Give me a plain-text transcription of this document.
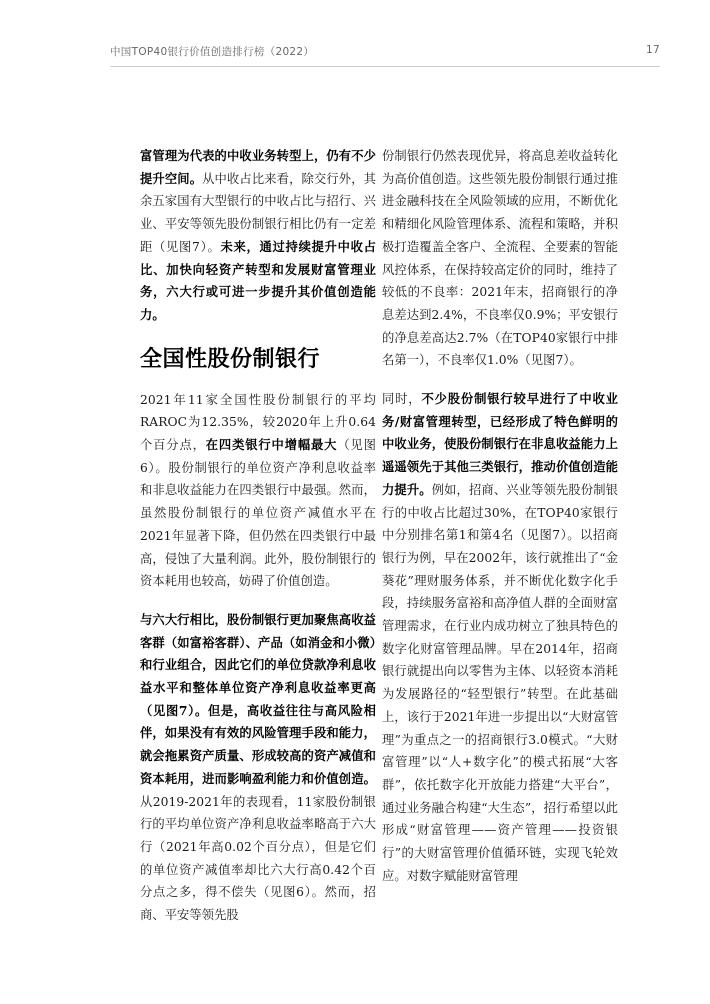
中国TOP40银行价值创造排行榜（2022）	17

富管理为代表的中收业务转型上，仍有不少提升空间。从中收占比来看，除交行外，其余五家国有大型银行的中收占比与招行、兴业、平安等领先股份制银行相比仍有一定差距（见图7）。未来，通过持续提升中收占比、加快向轻资产转型和发展财富管理业务，六大行或可进一步提升其价值创造能力。

全国性股份制银行

2021年11家全国性股份制银行的平均RAROC为12.35%，较2020年上升0.64个百分点，在四类银行中增幅最大（见图6）。股份制银行的单位资产净利息收益率和非息收益能力在四类银行中最强。然而，虽然股份制银行的单位资产减值水平在2021年显著下降，但仍然在四类银行中最高，侵蚀了大量利润。此外，股份制银行的资本耗用也较高，妨碍了价值创造。

与六大行相比，股份制银行更加聚焦高收益客群（如富裕客群）、产品（如消金和小微）和行业组合，因此它们的单位贷款净利息收益水平和整体单位资产净利息收益率更高（见图7）。但是，高收益往往与高风险相伴，如果没有有效的风险管理手段和能力，就会拖累资产质量、形成较高的资产减值和资本耗用，进而影响盈利能力和价值创造。从2019-2021年的表现看，11家股份制银行的平均单位资产净利息收益率略高于六大行（2021年高0.02个百分点），但是它们的单位资产减值率却比六大行高0.42个百分点之多，得不偿失（见图6）。然而，招商、平安等领先股

份制银行仍然表现优异，将高息差收益转化为高价值创造。这些领先股份制银行通过推进金融科技在全风险领域的应用，不断优化和精细化风险管理体系、流程和策略，并积极打造覆盖全客户、全流程、全要素的智能风控体系，在保持较高定价的同时，维持了较低的不良率：2021年末，招商银行的净息差达到2.4%，不良率仅0.9%；平安银行的净息差高达2.7%（在TOP40家银行中排名第一），不良率仅1.0%（见图7）。

同时，不少股份制银行较早进行了中收业务/财富管理转型，已经形成了特色鲜明的中收业务，使股份制银行在非息收益能力上遥遥领先于其他三类银行，推动价值创造能力提升。例如，招商、兴业等领先股份制银行的中收占比超过30%，在TOP40家银行中分别排名第1和第4名（见图7）。以招商银行为例，早在2002年，该行就推出了“金葵花”理财服务体系，并不断优化数字化手段，持续服务富裕和高净值人群的全面财富管理需求，在行业内成功树立了独具特色的数字化财富管理品牌。早在2014年，招商银行就提出向以零售为主体、以轻资本消耗为发展路径的“轻型银行”转型。在此基础上，该行于2021年进一步提出以“大财富管理”为重点之一的招商银行3.0模式。“大财富管理”以“人+数字化”的模式拓展“大客群”，依托数字化开放能力搭建“大平台”，通过业务融合构建“大生态”，招行希望以此形成“财富管理——资产管理——投资银行”的大财富管理价值循环链，实现飞轮效应。对数字赋能财富管理
